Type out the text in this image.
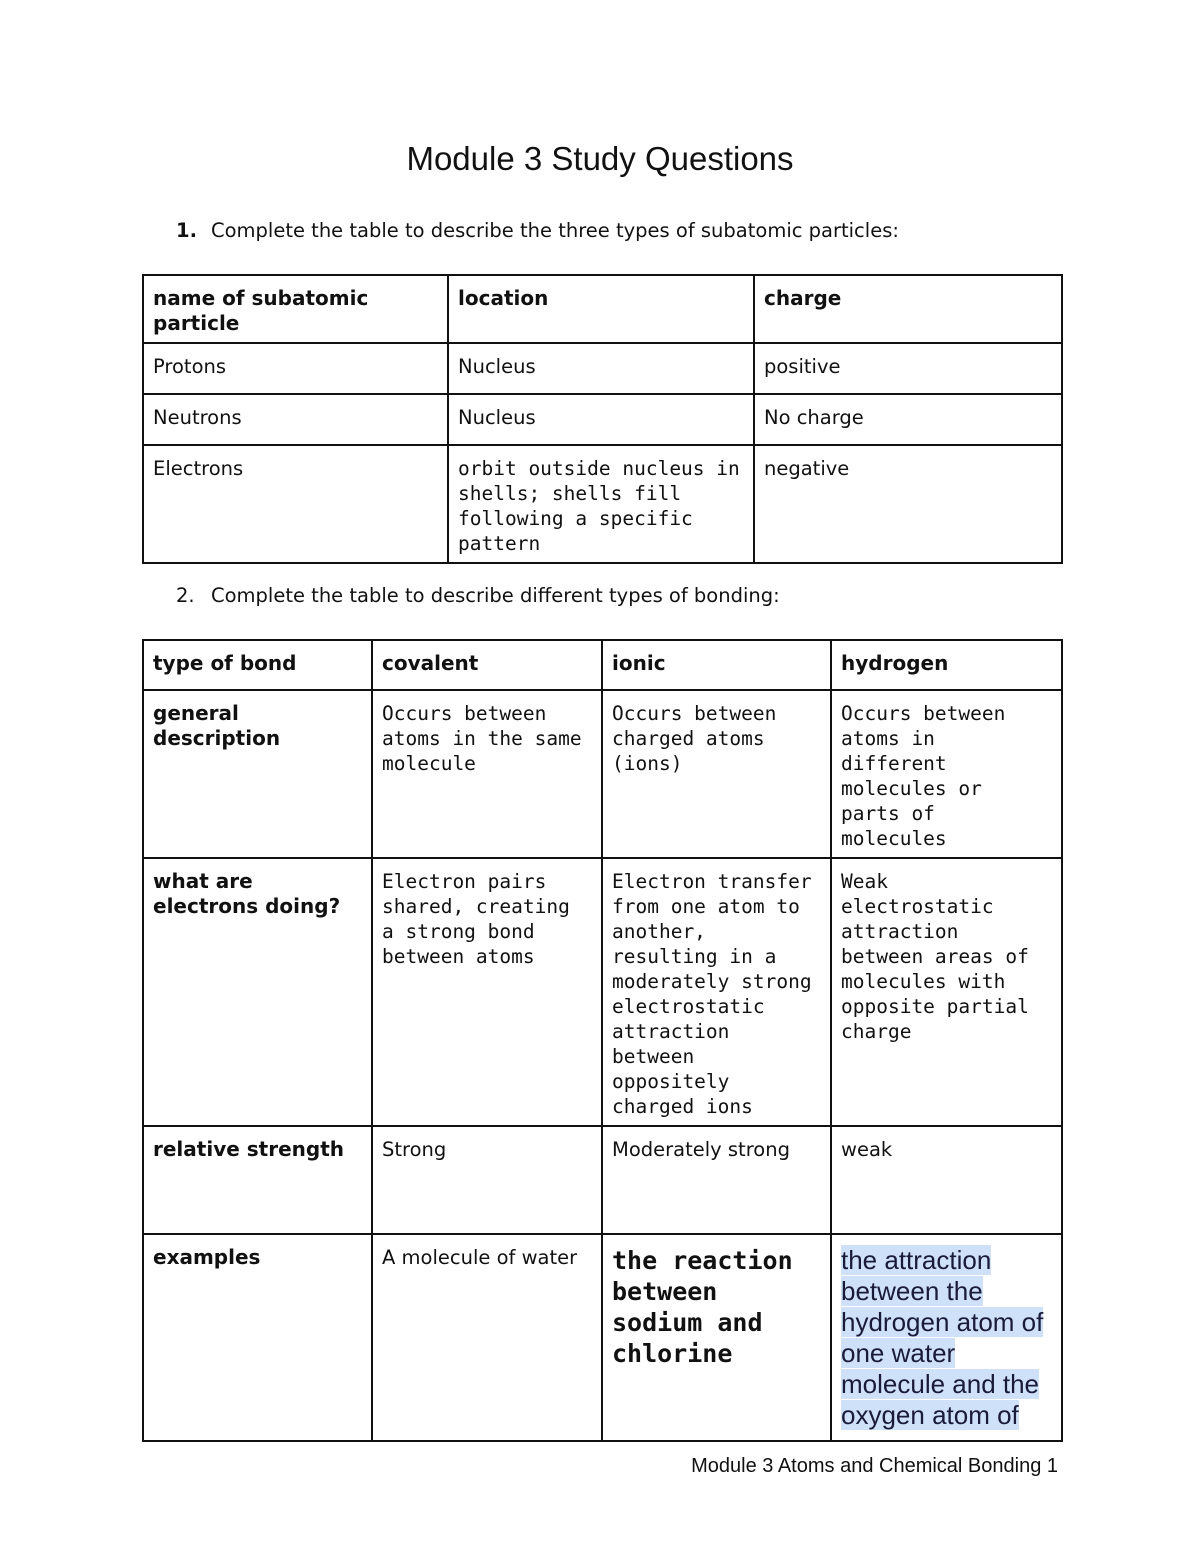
Module 3 Study Questions
1. Complete the table to describe the three types of subatomic particles:
name of subatomic particle	location	charge
Protons	Nucleus	positive
Neutrons	Nucleus	No charge
Electrons	orbit outside nucleus in shells; shells fill following a specific pattern	negative
2. Complete the table to describe different types of bonding:
type of bond	covalent	ionic	hydrogen
general description	Occurs between atoms in the same molecule	Occurs between charged atoms (ions)	Occurs between atoms in different molecules or parts of molecules
what are electrons doing?	Electron pairs shared, creating a strong bond between atoms	Electron transfer from one atom to another, resulting in a moderately strong electrostatic attraction between oppositely charged ions	Weak electrostatic attraction between areas of molecules with opposite partial charge
relative strength	Strong	Moderately strong	weak
examples	A molecule of water	the reaction between sodium and chlorine	the attraction between the hydrogen atom of one water molecule and the oxygen atom of
Module 3 Atoms and Chemical Bonding 1
